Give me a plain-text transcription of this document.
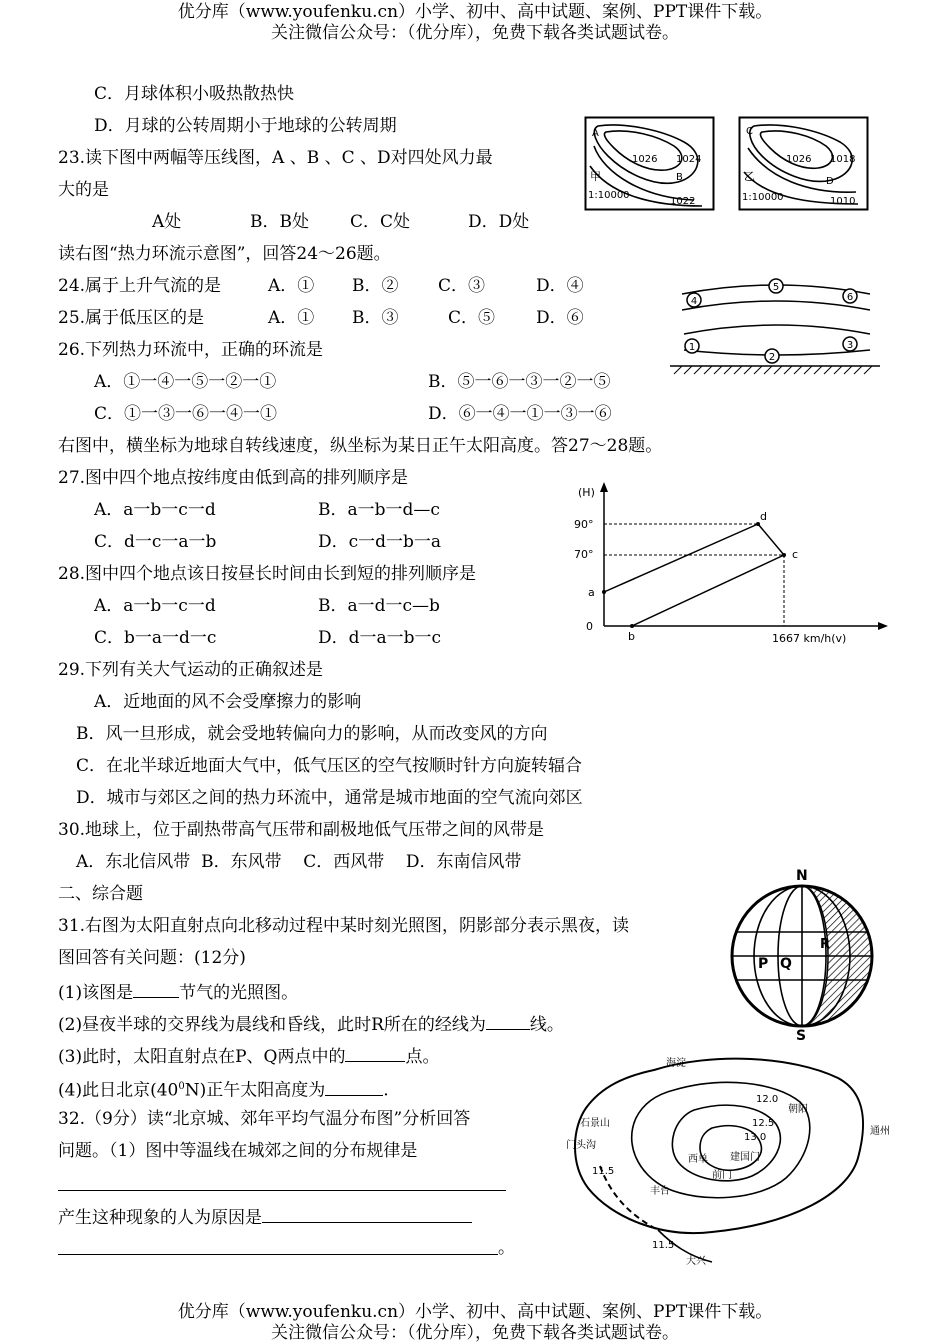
优分库（www.youfenku.cn）小学、初中、高中试题、案例、PPT课件下载。
关注微信公众号：（优分库），免费下载各类试题试卷。
C．月球体积小吸热散热快
D．月球的公转周期小于地球的公转周期
23.读下图中两幅等压线图，A 、B 、C 、D对四处风力最
大的是
A处	B．B处 C．C处	D．D处
A
1026 1024
B
甲
1:10000
1022
C
1026 1018
D
乙
1:10000	1010
读右图“热力环流示意图”，回答24～26题。
24.属于上升气流的是	A．① B．② C．③	D．④
25.属于低压区的是	A．① B．③	C．⑤ D．⑥
26.下列热力环流中，正确的环流是
A．①一④一⑤一②一①	B．⑤一⑥一③一②一⑤
C．①一③一⑥一④一①	D．⑥一④一①一③一⑥
4
5
6
1
2
3
右图中，横坐标为地球自转线速度，纵坐标为某日正午太阳高度。答27～28题。
27.图中四个地点按纬度由低到高的排列顺序是
A．a一b一c一d	B．a一b一d—c
C．d一c一a一b	D．c一d一b一a
28.图中四个地点该日按昼长时间由长到短的排列顺序是
A．a一b一c一d	B．a一d一c—b
C．b一a一d一c	D．d一a一b一c
(H)
90°
70°
0
1667 km/h(v)
a
b
c
d
29.下列有关大气运动的正确叙述是
A．近地面的风不会受摩擦力的影响
B．风一旦形成，就会受地转偏向力的影响，从而改变风的方向
C．在北半球近地面大气中，低气压区的空气按顺时针方向旋转辐合
D．城市与郊区之间的热力环流中，通常是城市地面的空气流向郊区
30.地球上，位于副热带高气压带和副极地低气压带之间的风带是
A．东北信风带  B．东风带    C．西风带    D．东南信风带
二、综合题
31.右图为太阳直射点向北移动过程中某时刻光照图，阴影部分表示黑夜，读
图回答有关问题：(12分)
(1)该图是	节气的光照图。
(2)昼夜半球的交界线为晨线和昏线，此时R所在的经线为	线。
(3)此时，太阳直射点在P、Q两点中的	点。
(4)此日北京$(40^0N)$正午太阳高度为	.
N
S
P Q
R
32.（9分）读“北京城、郊年平均气温分布图”分析回答
问题。（1）图中等温线在城郊之间的分布规律是
产生这种现象的人为原因是
。
海淀
石景山
门头沟
朝阳
通州
西单 建国门
前门
丰台
大兴
12.0
12.5
13.0
11.5
11.5
优分库（www.youfenku.cn）小学、初中、高中试题、案例、PPT课件下载。
关注微信公众号：（优分库），免费下载各类试题试卷。
